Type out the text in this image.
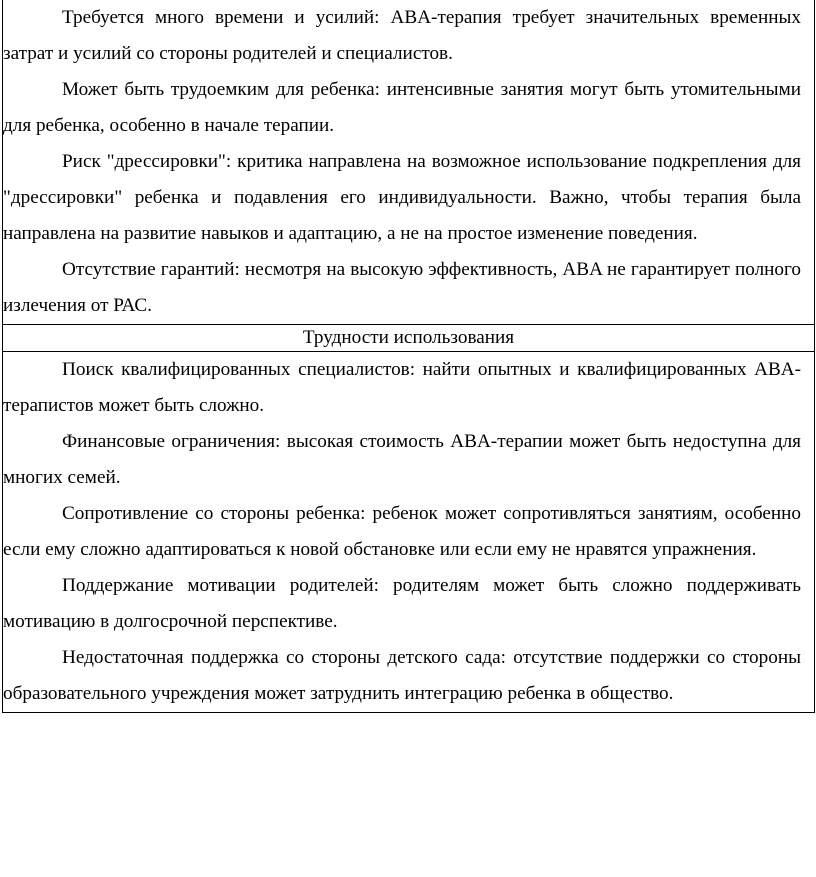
Требуется много времени и усилий: ABA-терапия требует значительных временных затрат и усилий со стороны родителей и специалистов.

Может быть трудоемким для ребенка: интенсивные занятия могут быть утомительными для ребенка, особенно в начале терапии.

Риск "дрессировки": критика направлена на возможное использование подкрепления для "дрессировки" ребенка и подавления его индивидуальности. Важно, чтобы терапия была направлена на развитие навыков и адаптацию, а не на простое изменение поведения.

Отсутствие гарантий: несмотря на высокую эффективность, ABA не гарантирует полного излечения от РАС.

Трудности использования

Поиск квалифицированных специалистов: найти опытных и квалифицированных ABA-терапистов может быть сложно.

Финансовые ограничения: высокая стоимость ABA-терапии может быть недоступна для многих семей.

Сопротивление со стороны ребенка: ребенок может сопротивляться занятиям, особенно если ему сложно адаптироваться к новой обстановке или если ему не нравятся упражнения.

Поддержание мотивации родителей: родителям может быть сложно поддерживать мотивацию в долгосрочной перспективе.

Недостаточная поддержка со стороны детского сада: отсутствие поддержки со стороны образовательного учреждения может затруднить интеграцию ребенка в общество.
